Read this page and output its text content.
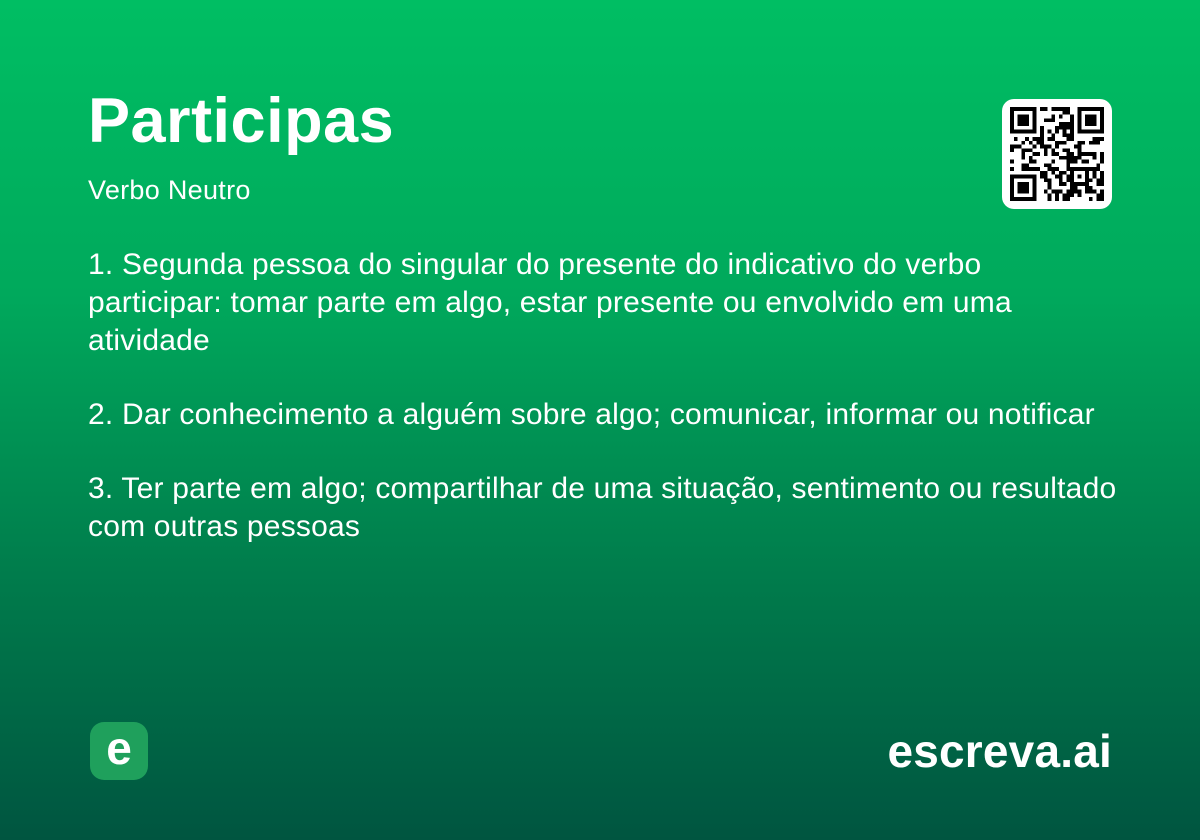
Participas
Verbo Neutro
1. Segunda pessoa do singular do presente do indicativo do verbo participar: tomar parte em algo, estar presente ou envolvido em uma atividade
2. Dar conhecimento a alguém sobre algo; comunicar, informar ou notificar
3. Ter parte em algo; compartilhar de uma situação, sentimento ou resultado com outras pessoas
e	escreva.ai
